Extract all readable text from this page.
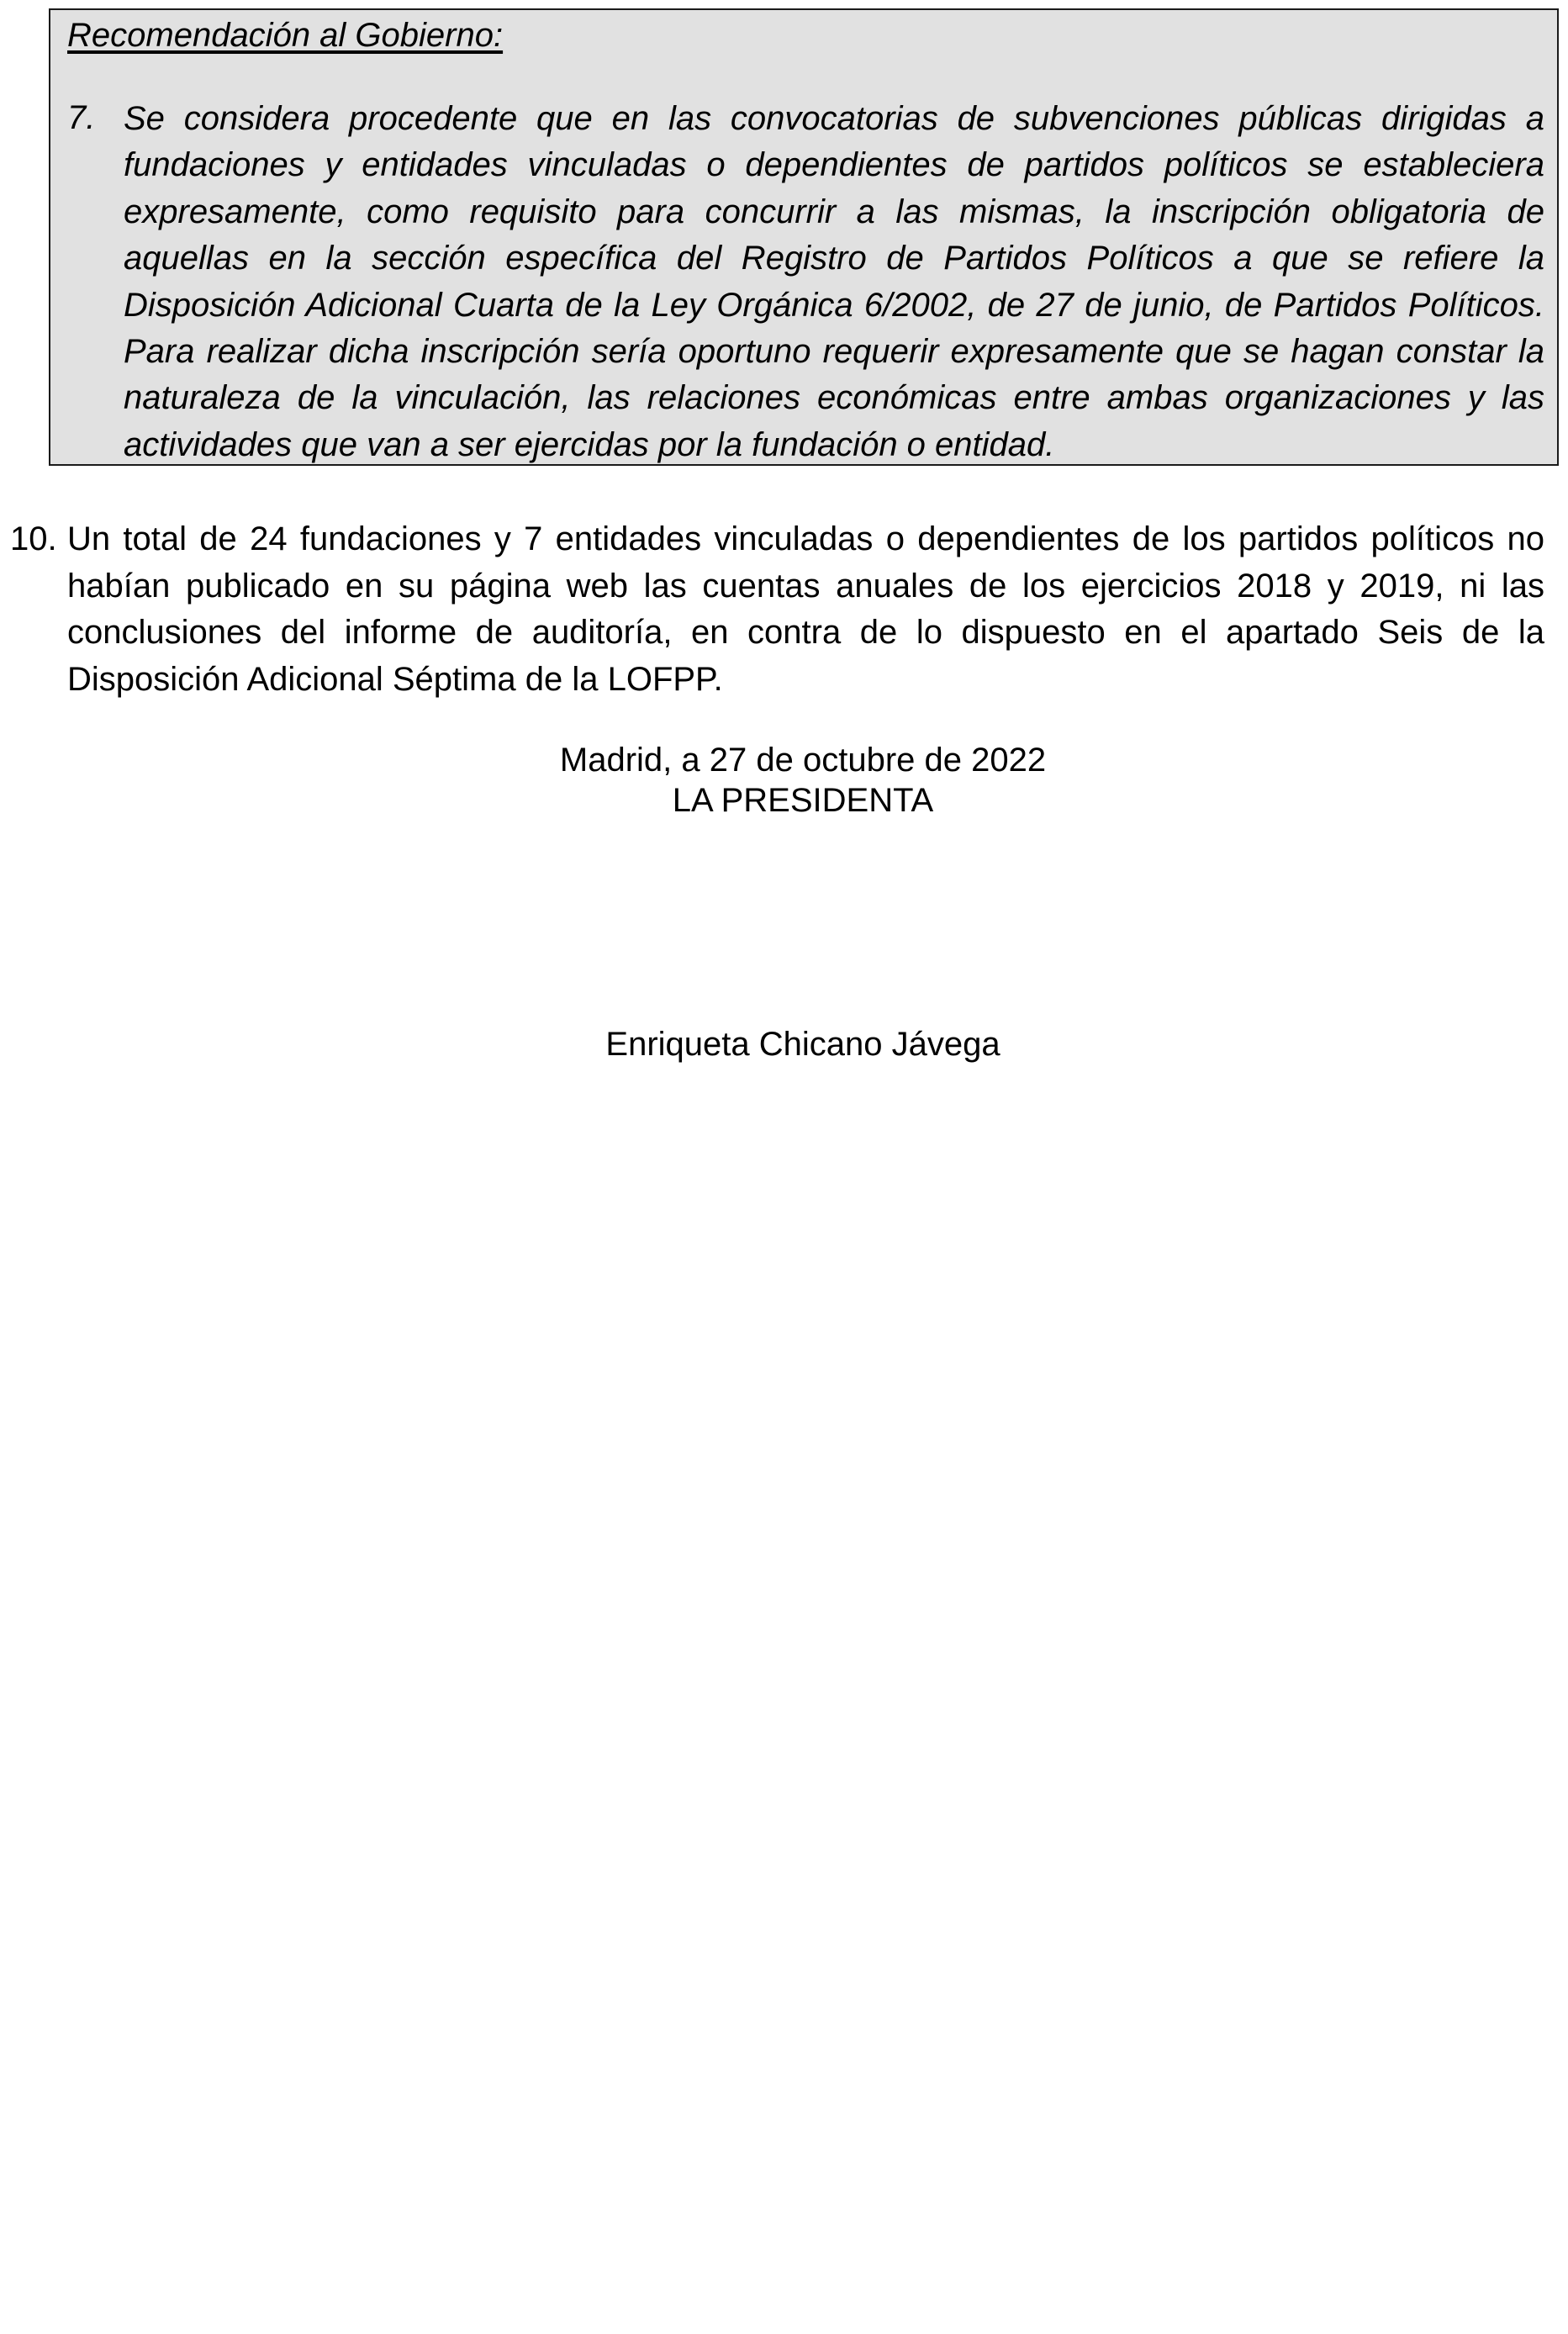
Recomendación al Gobierno:
7. Se considera procedente que en las convocatorias de subvenciones públicas dirigidas a fundaciones y entidades vinculadas o dependientes de partidos políticos se estableciera expresamente, como requisito para concurrir a las mismas, la inscripción obligatoria de aquellas en la sección específica del Registro de Partidos Políticos a que se refiere la Disposición Adicional Cuarta de la Ley Orgánica 6/2002, de 27 de junio, de Partidos Políticos. Para realizar dicha inscripción sería oportuno requerir expresamente que se hagan constar la naturaleza de la vinculación, las relaciones económicas entre ambas organizaciones y las actividades que van a ser ejercidas por la fundación o entidad.
10. Un total de 24 fundaciones y 7 entidades vinculadas o dependientes de los partidos políticos no habían publicado en su página web las cuentas anuales de los ejercicios 2018 y 2019, ni las conclusiones del informe de auditoría, en contra de lo dispuesto en el apartado Seis de la Disposición Adicional Séptima de la LOFPP.
Madrid, a 27 de octubre de 2022
LA PRESIDENTA
Enriqueta Chicano Jávega
